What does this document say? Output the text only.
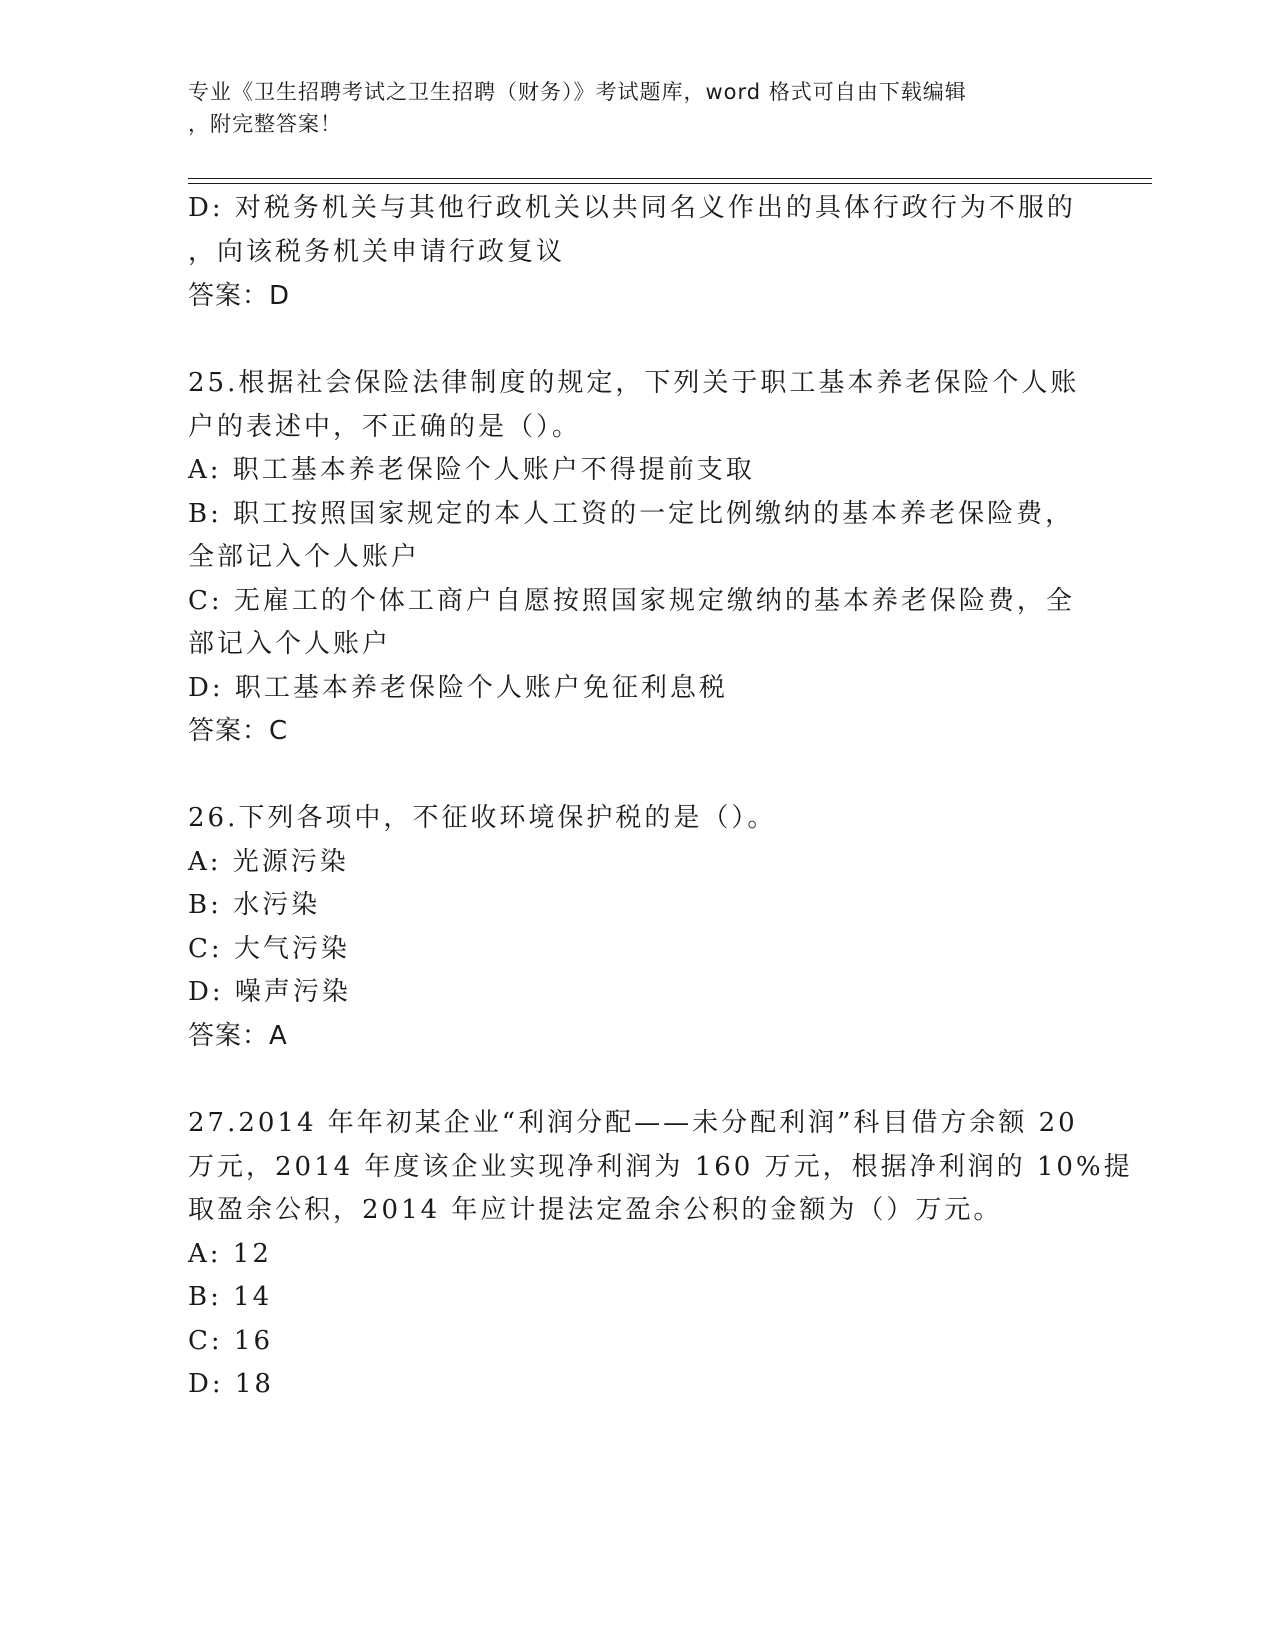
专业《卫生招聘考试之卫生招聘（财务）》考试题库，word 格式可自由下载编辑
，附完整答案！
D: 对税务机关与其他行政机关以共同名义作出的具体行政行为不服的
，向该税务机关申请行政复议
答案：D
25.根据社会保险法律制度的规定，下列关于职工基本养老保险个人账
户的表述中，不正确的是（）。
A: 职工基本养老保险个人账户不得提前支取
B: 职工按照国家规定的本人工资的一定比例缴纳的基本养老保险费，
全部记入个人账户
C: 无雇工的个体工商户自愿按照国家规定缴纳的基本养老保险费，全
部记入个人账户
D: 职工基本养老保险个人账户免征利息税
答案：C
26.下列各项中，不征收环境保护税的是（）。
A: 光源污染
B: 水污染
C: 大气污染
D: 噪声污染
答案：A
27.2014 年年初某企业“利润分配——未分配利润”科目借方余额 20
万元，2014 年度该企业实现净利润为 160 万元，根据净利润的 10%提
取盈余公积，2014 年应计提法定盈余公积的金额为（）万元。
A: 12
B: 14
C: 16
D: 18
